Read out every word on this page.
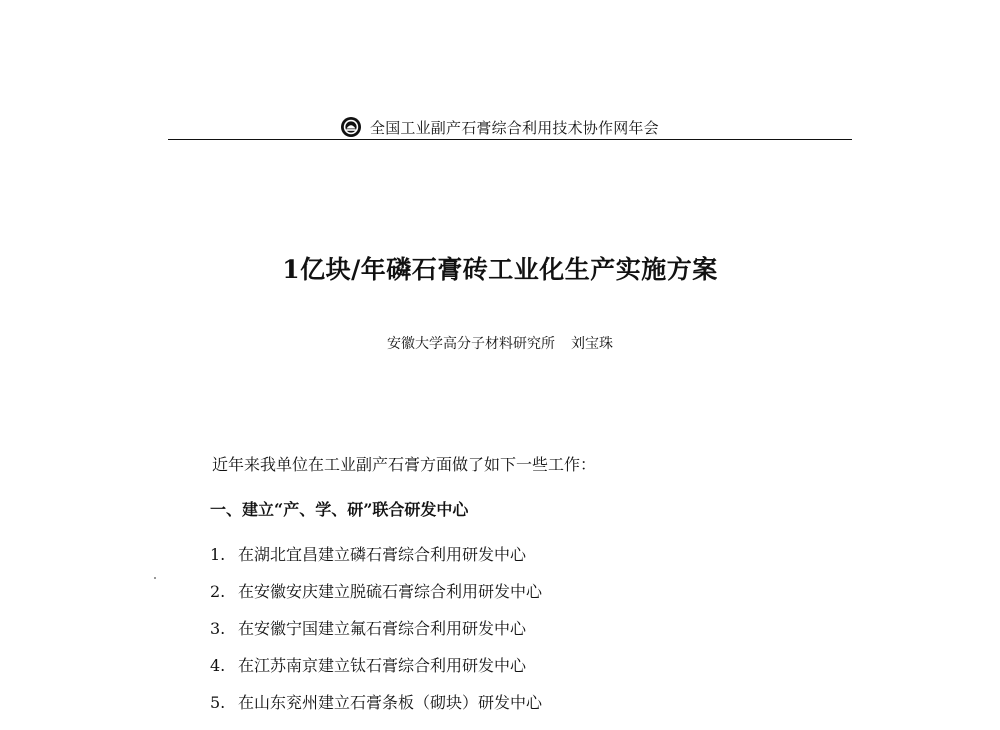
全国工业副产石膏综合利用技术协作网年会
1亿块/年磷石膏砖工业化生产实施方案
安徽大学高分子材料研究所 刘宝珠
近年来我单位在工业副产石膏方面做了如下一些工作：
一、建立“产、学、研”联合研发中心
1. 在湖北宜昌建立磷石膏综合利用研发中心
2. 在安徽安庆建立脱硫石膏综合利用研发中心
3. 在安徽宁国建立氟石膏综合利用研发中心
4. 在江苏南京建立钛石膏综合利用研发中心
5. 在山东兖州建立石膏条板（砌块）研发中心
